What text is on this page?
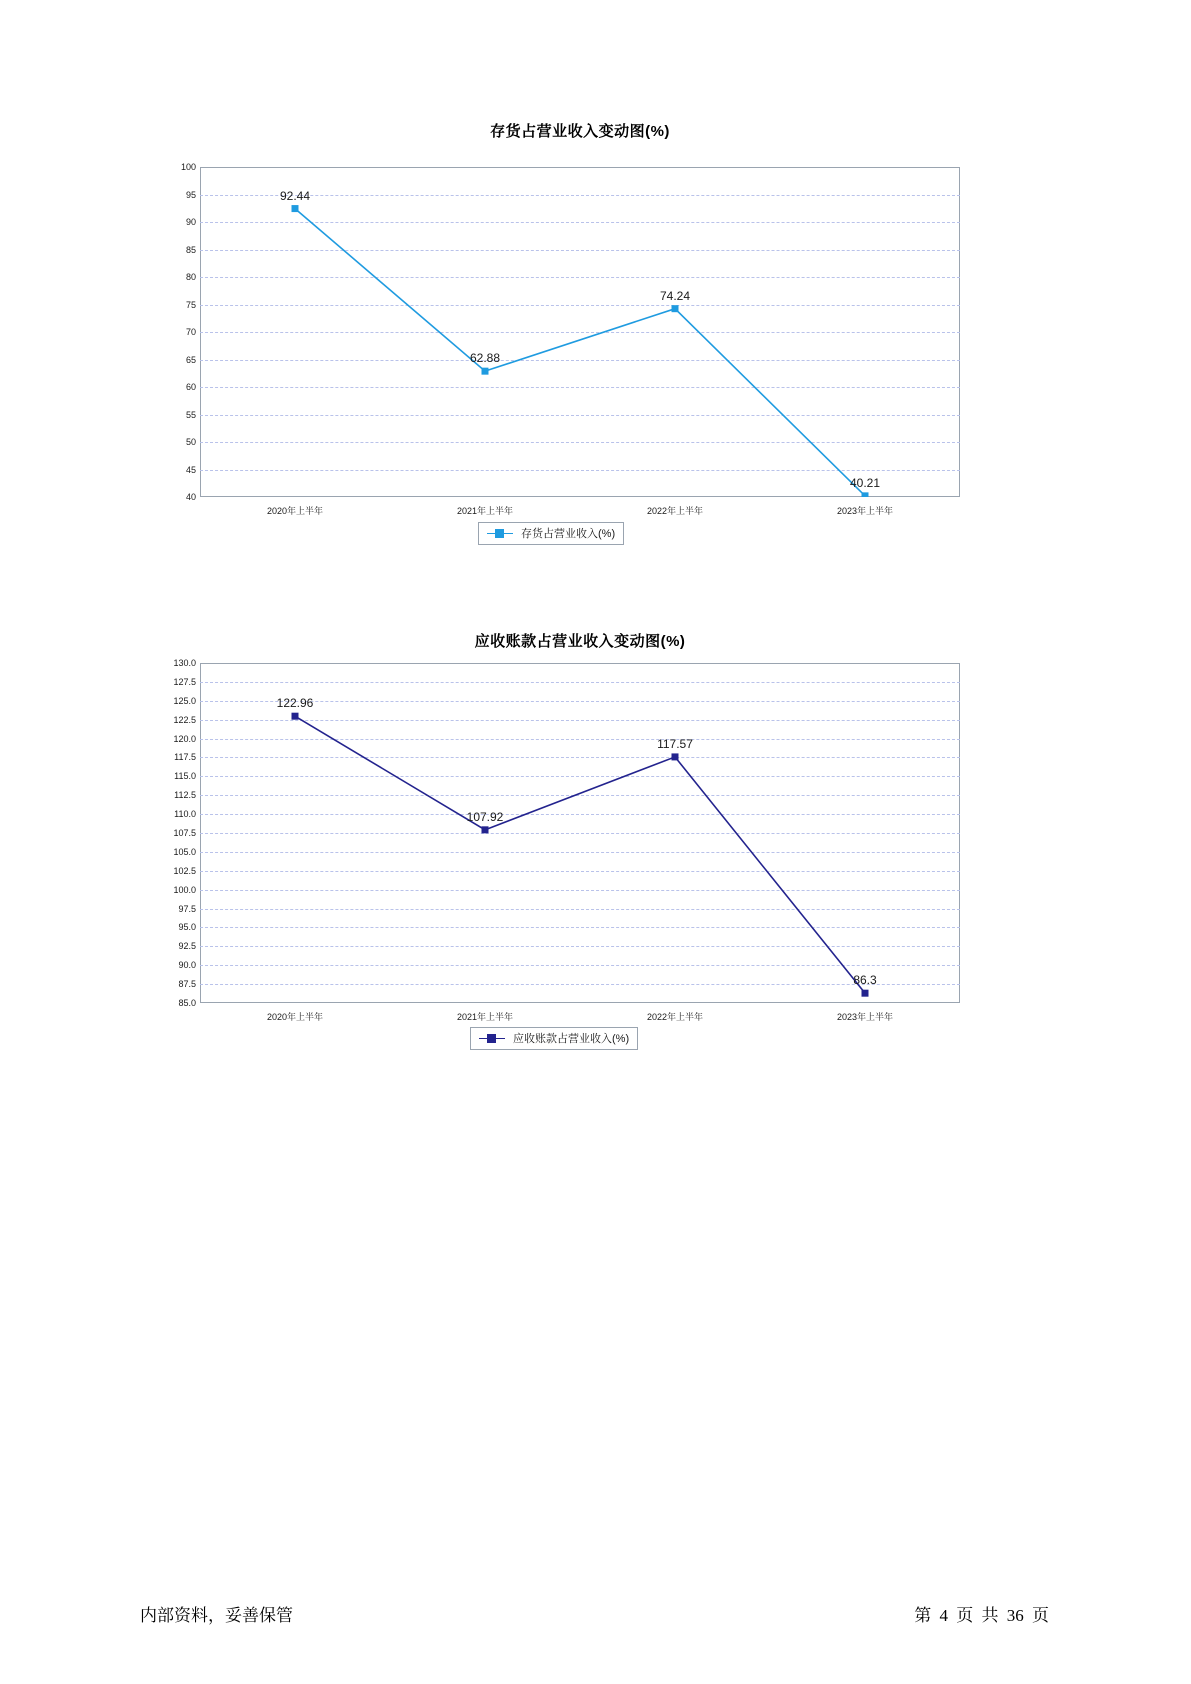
存货占营业收入变动图(%)
100
95
90
85
80
75
70
65
60
55
50
45
40
92.44
62.88
74.24
40.21
2020年上半年	2021年上半年	2022年上半年	2023年上半年
存货占营业收入(%)
应收账款占营业收入变动图(%)
130.0
127.5
125.0
122.5
120.0
117.5
115.0
112.5
110.0
107.5
105.0
102.5
100.0
97.5
95.0
92.5
90.0
87.5
85.0
122.96
107.92
117.57
86.3
2020年上半年	2021年上半年	2022年上半年	2023年上半年
应收账款占营业收入(%)
内部资料，妥善保管	第 4 页 共 36 页
